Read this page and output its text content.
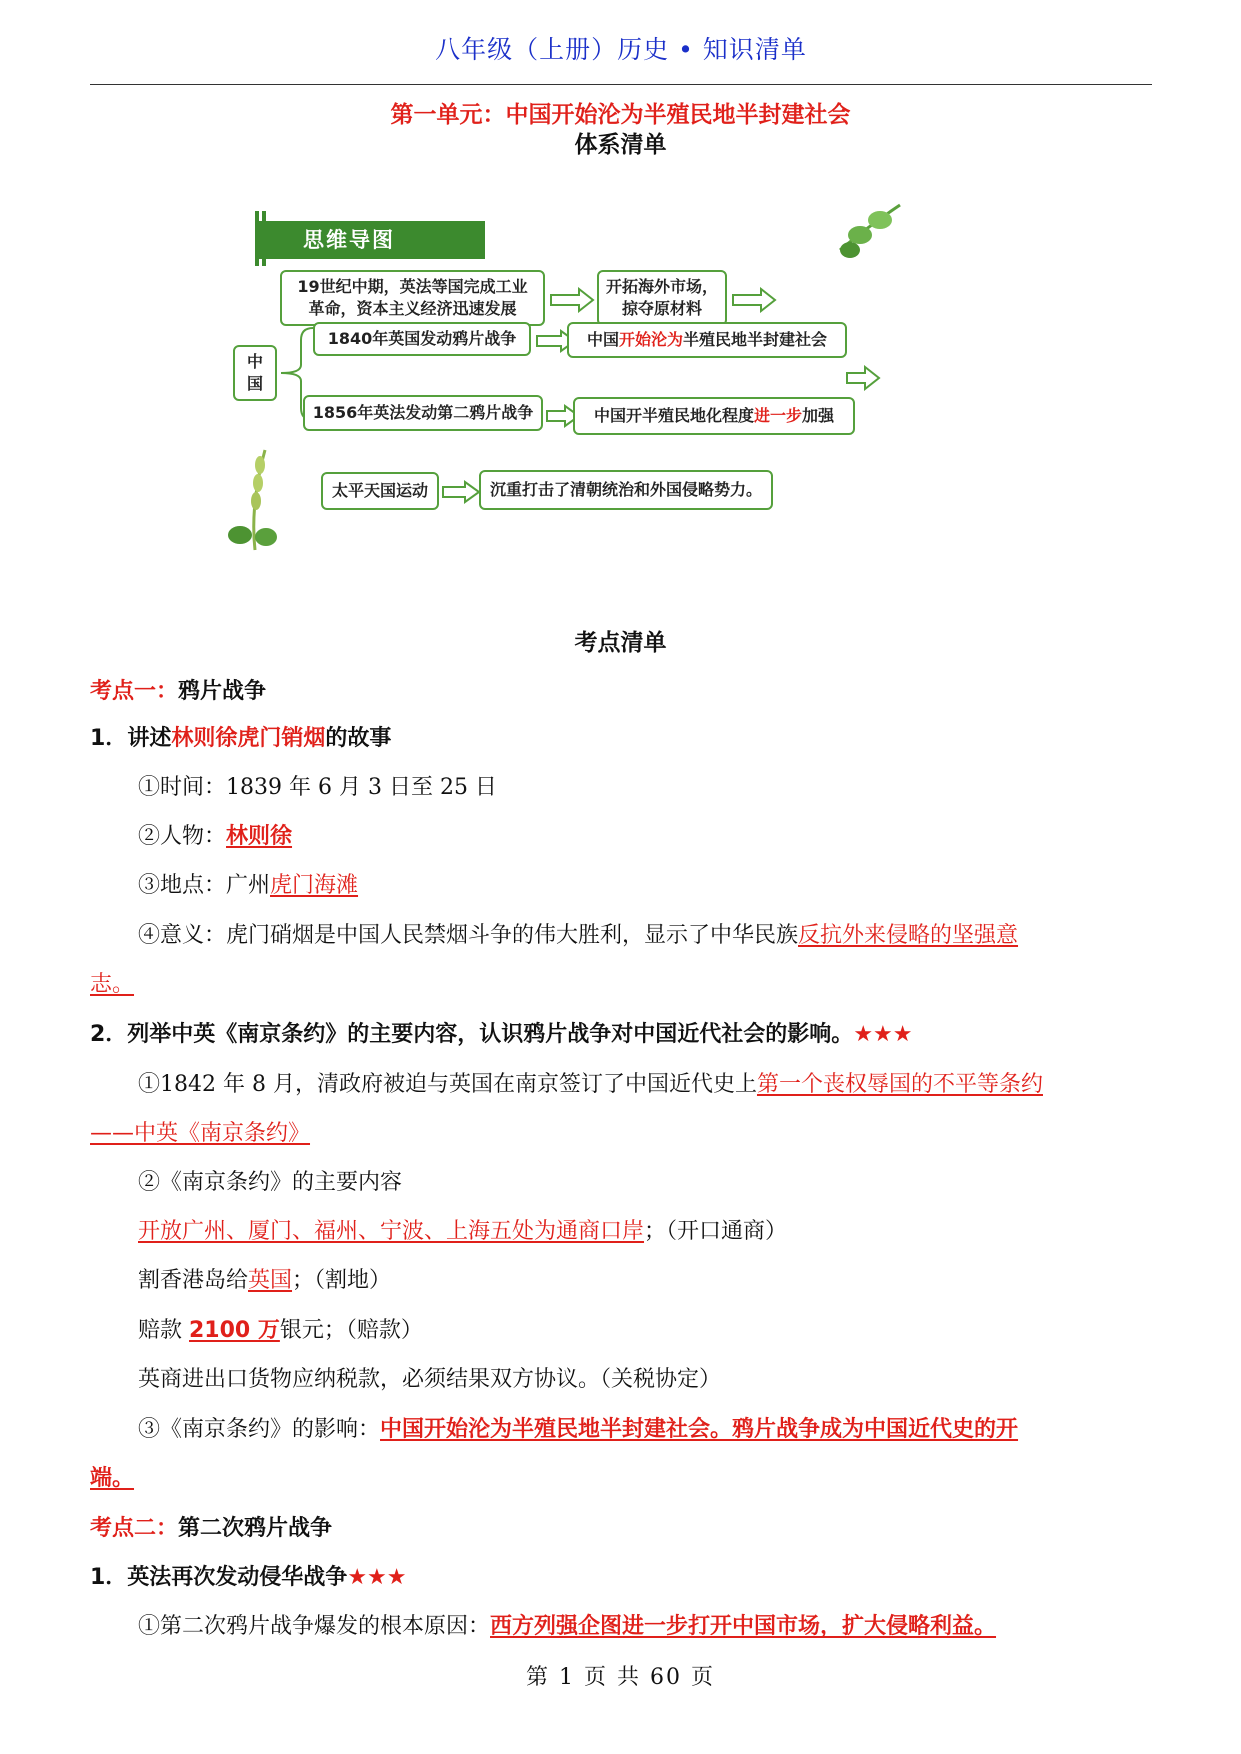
八年级（上册）历史 • 知识清单
第一单元：中国开始沦为半殖民地半封建社会
体系清单
思维导图
19世纪中期，英法等国完成工业
革命，资本主义经济迅速发展
开拓海外市场，
掠夺原材料
中
国
1840年英国发动鸦片战争	中国 开始沦为 半殖民地半封建社会
1856年英法发动第二鸦片战争	中国开半殖民地化程度 进一步 加强
太平天国运动	沉重打击了清朝统治和外国侵略势力。
考点清单
考点一：鸦片战争
1．讲述林则徐虎门销烟的故事
①时间：1839 年 6 月 3 日至 25 日
②人物：林则徐
③地点：广州虎门海滩
④意义：虎门硝烟是中国人民禁烟斗争的伟大胜利，显示了中华民族反抗外来侵略的坚强意
志。
2．列举中英《南京条约》的主要内容，认识鸦片战争对中国近代社会的影响。★★★
①1842 年 8 月，清政府被迫与英国在南京签订了中国近代史上第一个丧权辱国的不平等条约
——中英《南京条约》
②《南京条约》的主要内容
开放广州、厦门、福州、宁波、上海五处为通商口岸；（开口通商）
割香港岛给英国；（割地）
赔款 2100 万银元；（赔款）
英商进出口货物应纳税款，必须结果双方协议。（关税协定）
③《南京条约》的影响：中国开始沦为半殖民地半封建社会。鸦片战争成为中国近代史的开
端。
考点二：第二次鸦片战争
1．英法再次发动侵华战争★★★
①第二次鸦片战争爆发的根本原因：西方列强企图进一步打开中国市场，扩大侵略利益。
第 1 页 共 60 页
